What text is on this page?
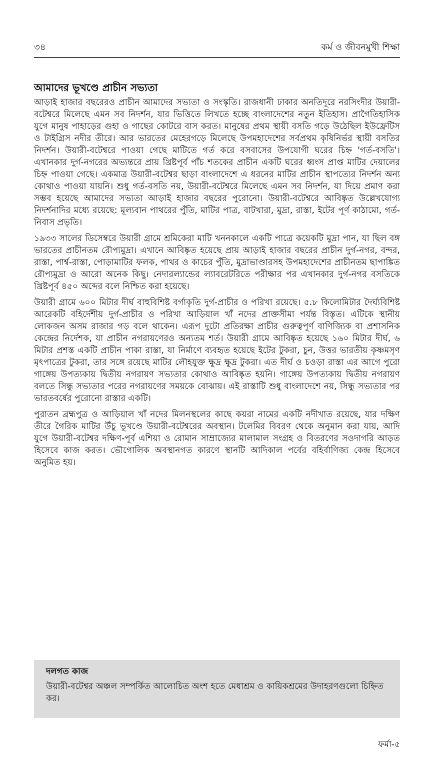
৩৪	কর্ম ও জীবনমুখী শিক্ষা
আমাদের ভূখণ্ডে প্রাচীন সভ্যতা

আড়াই হাজার বছরেরও প্রাচীন আমাদের সভ্যতা ও সংস্কৃতি। রাজধানী ঢাকার অনতিদূরে নরসিংদীর উয়ারী-বটেশ্বরে মিলেছে এমন সব নিদর্শন, যার ভিত্তিতে লিখতে হচ্ছে বাংলাদেশের নতুন ইতিহাস। প্রাগৈতিহাসিক যুগে মানুষ পাহাড়ের গুহা ও গাছের কোটরে বাস করত। মানুষের প্রথম স্থায়ী বসতি গড়ে উঠেছিল ইউফ্রেটিস ও টাইগ্রিস নদীর তীরে। আর ভারতের মেহেরগড়ে মিলেছে উপমহাদেশের সর্বপ্রথম কৃষিনির্ভর স্থায়ী বসতির নিদর্শন। উয়ারী-বটেশ্বরে পাওয়া গেছে মাটিতে গর্ত করে বসবাসের উপযোগী ঘরের চিহ্ন 'গর্ত-বসতি'। এখানকার দুর্গ-নগরের অভ্যন্তরে প্রায় খ্রিষ্টপূর্ব পাঁচ শতকের প্রাচীন একটি ঘরের ধ্বংস প্রাপ্ত মাটির দেয়ালের চিহ্ন পাওয়া গেছে। একমাত্র উয়ারী-বটেশ্বর ছাড়া বাংলাদেশে এ ধরনের মাটির প্রাচীন স্থাপত্যের নিদর্শন অন্য কোথাও পাওয়া যায়নি। শুধু গর্ত-বসতি নয়, উয়ারী-বটেশ্বরে মিলেছে এমন সব নিদর্শন, যা দিয়ে প্রমাণ করা সম্ভব হয়েছে আমাদের সভ্যতা আড়াই হাজার বছরের পুরোনো। উয়ারী-বটেশ্বরে আবিষ্কৃত উল্লেখযোগ্য নিদর্শনাদির মধ্যে রয়েছে: মূল্যবান পাথরের পুঁতি, মাটির পাত্র, বাটখারা, মুদ্রা, রাস্তা, ইটের পূর্ণ কাঠামো, গর্ত-নিবাস প্রভৃতি।

১৯৩৩ সালের ডিসেম্বরে উয়ারী গ্রামে শ্রমিকেরা মাটি খননকালে একটি পাত্রে কয়েকটি মুদ্রা পান, যা ছিল বঙ্গ ভারতের প্রাচীনতম রৌপ্যমুদ্রা। এখানে আবিষ্কৃত হয়েছে প্রায় আড়াই হাজার বছরের প্রাচীন দুর্গ-নগর, বন্দর, রাস্তা, পার্শ্ব-রাস্তা, পোড়ামাটির ফলক, পাথর ও কাচের পুঁতি, মুদ্রাভাণ্ডারসহ উপমহাদেশের প্রাচীনতম ছাপাঙ্কিত রৌপ্যমুদ্রা ও আরো অনেক কিছু। নেদারল্যান্ডের ল্যাবরেটরিতে পরীক্ষার পর এখানকার দুর্গ-নগর বসতিকে খ্রিষ্টপূর্ব ৪৫০ অব্দের বলে নিশ্চিত করা হয়েছে।

উয়ারী গ্রামে ৬০০ মিটার দীর্ঘ বাহুবিশিষ্ট বর্গাকৃতি দুর্গ-প্রাচীর ও পরিখা রয়েছে। ৫.৮ কিলোমিটার দৈর্ঘ্যবিশিষ্ট আরেকটি বহির্দেশীয় দুর্গ-প্রাচীর ও পরিখা আড়িয়াল খাঁ নদের প্রাক্তসীমা পর্যন্ত বিস্তৃত। এটিকে স্থানীয় লোকজন অসম রাজার গড় বলে থাকেন। এরূপ দুটো প্রতিরক্ষা প্রাচীর গুরুত্বপূর্ণ বাণিজ্যিক বা প্রশাসনিক কেন্দ্রের নির্দেশক, যা প্রাচীন নগরায়ণেরও অন্যতম শর্ত। উয়ারী গ্রামে আবিষ্কৃত হয়েছে ১৬০ মিটার দীর্ঘ, ৬ মিটার প্রশস্ত একটি প্রাচীন পাকা রাস্তা, যা নির্মাণে ব্যবহৃত হয়েছে ইটের টুকরা, চুন, উত্তর ভারতীয় কৃষ্ণমসৃণ মৃৎপাত্রের টুকরা, তার সঙ্গে রয়েছে মাটির লৌহযুক্ত ক্ষুদ্র ক্ষুদ্র টুকরা। এত দীর্ঘ ও চওড়া রাস্তা এর আগে পুরো গাঙ্গেয় উপত্যকায় দ্বিতীয় নগরায়ণ সভ্যতার কোথাও আবিষ্কৃত হয়নি। গাঙ্গেয় উপত্যকায় দ্বিতীয় নগরায়ণ বলতে সিন্ধু সভ্যতার পরের নগরায়ণের সময়কে বোঝায়। এই রাস্তাটি শুধু বাংলাদেশে নয়, সিন্ধু সভ্যতার পর ভারতবর্ষের পুরোনো রাস্তার একটি।

পুরাতন ব্রহ্মপুত্র ও আড়িয়াল খাঁ নদের মিলনস্থলের কাছে কয়রা নামের একটি নদীখাত রয়েছে, যার দক্ষিণ তীরে গৈরিক মাটির উঁচু ভূখণ্ডে উয়ারী-বটেশ্বরের অবস্থান। টলেমির বিবরণ থেকে অনুমান করা যায়, আদি যুগে উয়ারী-বটেশ্বর দক্ষিণ-পূর্ব এশিয়া ও রোমান সাম্রাজ্যের মালামাল সংগ্রহ ও বিতরণের সওদাগরি আড়ত হিসেবে কাজ করত। ভৌগোলিক অবস্থানগত কারণে স্থানটি আদিকাল পর্বের বহির্বাণিজ্য কেন্দ্র হিসেবে অনুমিত হয়।

দলগত কাজ
উয়ারী-বটেশ্বর অঞ্চল সম্পর্কিত আলোচিত অংশ হতে মেধাশ্রম ও কায়িকশ্রমের উদাহরণগুলো চিহ্নিত কর।
ফর্মা-৫
